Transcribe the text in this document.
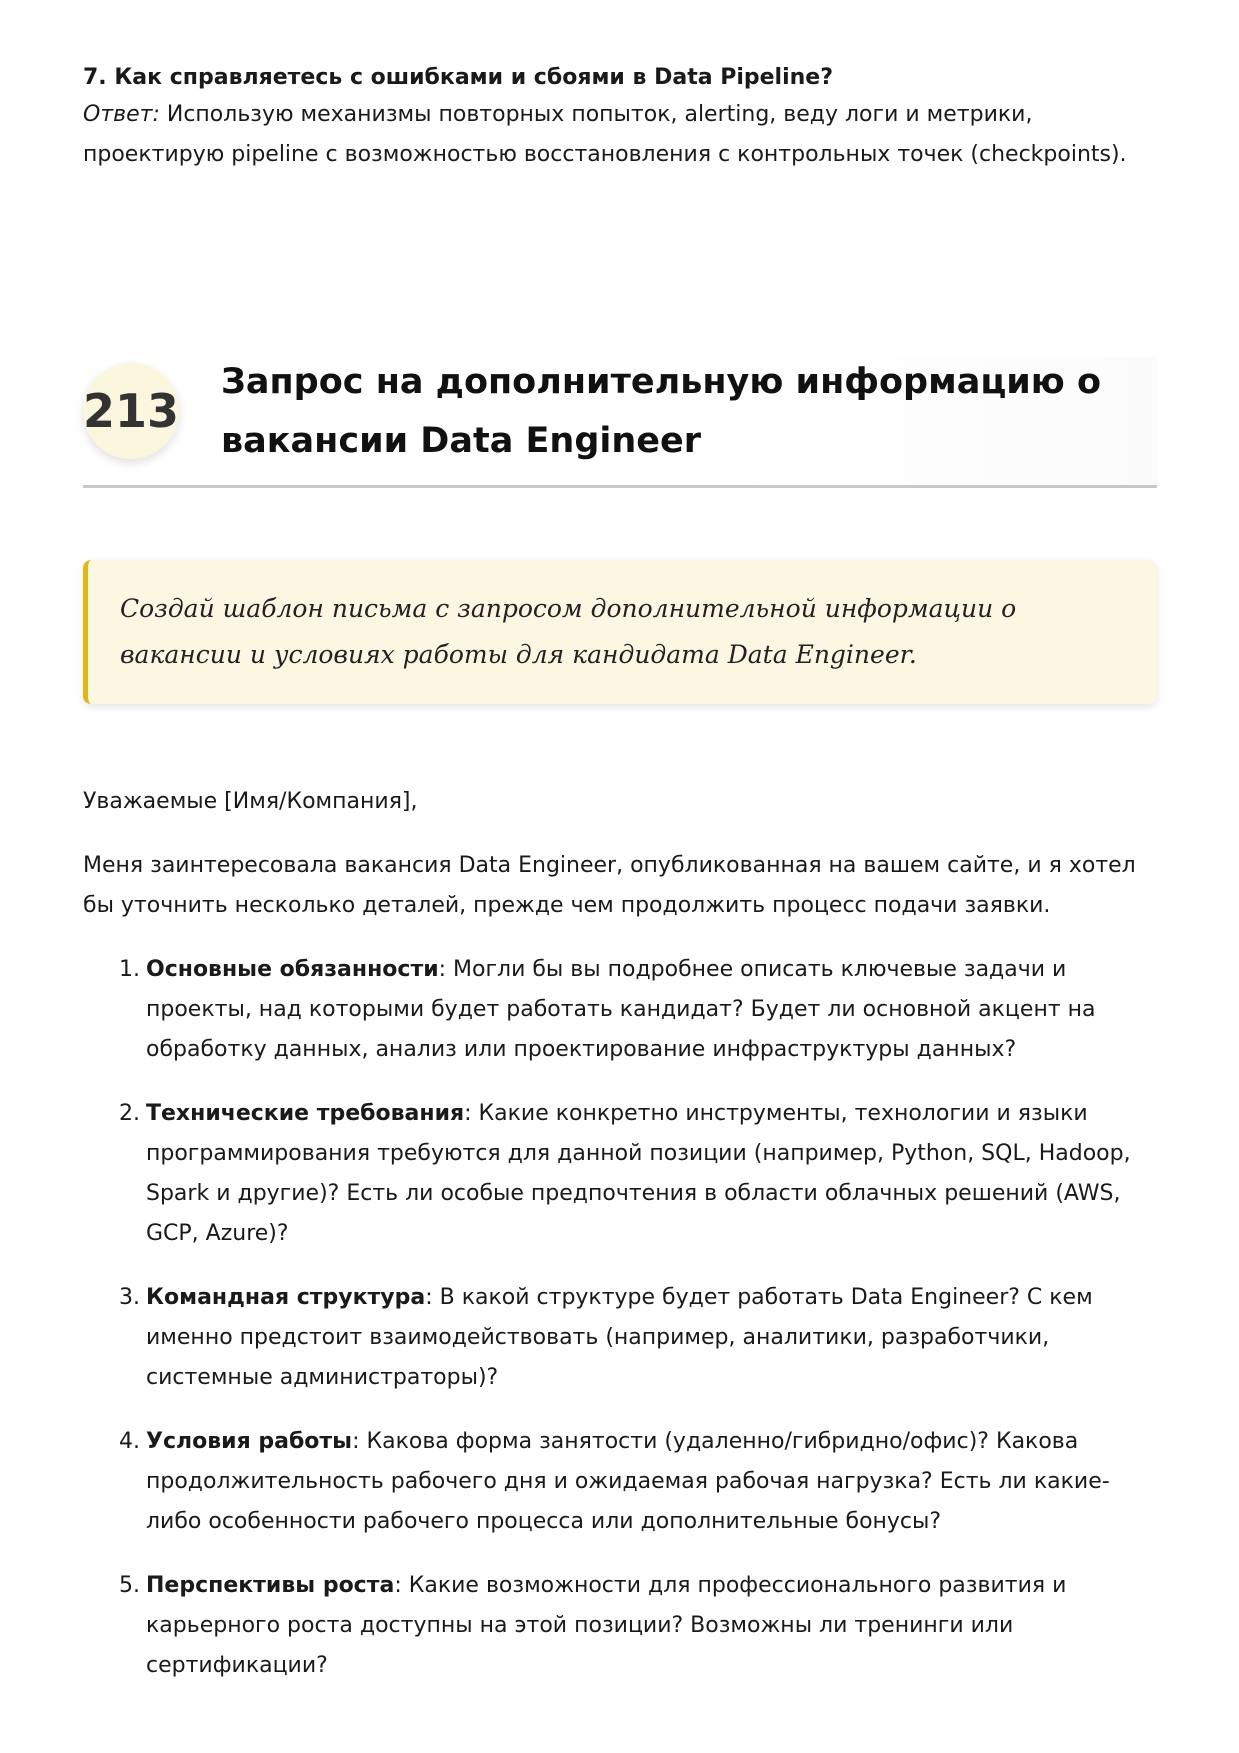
7. Как справляетесь с ошибками и сбоями в Data Pipeline?

Ответ: Использую механизмы повторных попыток, alerting, веду логи и метрики, проектирую pipeline с возможностью восстановления с контрольных точек (checkpoints).

213
Запрос на дополнительную информацию о вакансии Data Engineer

Создай шаблон письма с запросом дополнительной информации о вакансии и условиях работы для кандидата Data Engineer.

Уважаемые [Имя/Компания],

Меня заинтересовала вакансия Data Engineer, опубликованная на вашем сайте, и я хотел бы уточнить несколько деталей, прежде чем продолжить процесс подачи заявки.

1. Основные обязанности: Могли бы вы подробнее описать ключевые задачи и проекты, над которыми будет работать кандидат? Будет ли основной акцент на обработку данных, анализ или проектирование инфраструктуры данных?
2. Технические требования: Какие конкретно инструменты, технологии и языки программирования требуются для данной позиции (например, Python, SQL, Hadoop, Spark и другие)? Есть ли особые предпочтения в области облачных решений (AWS, GCP, Azure)?
3. Командная структура: В какой структуре будет работать Data Engineer? С кем именно предстоит взаимодействовать (например, аналитики, разработчики, системные администраторы)?
4. Условия работы: Какова форма занятости (удаленно/гибридно/офис)? Какова продолжительность рабочего дня и ожидаемая рабочая нагрузка? Есть ли какие-либо особенности рабочего процесса или дополнительные бонусы?
5. Перспективы роста: Какие возможности для профессионального развития и карьерного роста доступны на этой позиции? Возможны ли тренинги или сертификации?
